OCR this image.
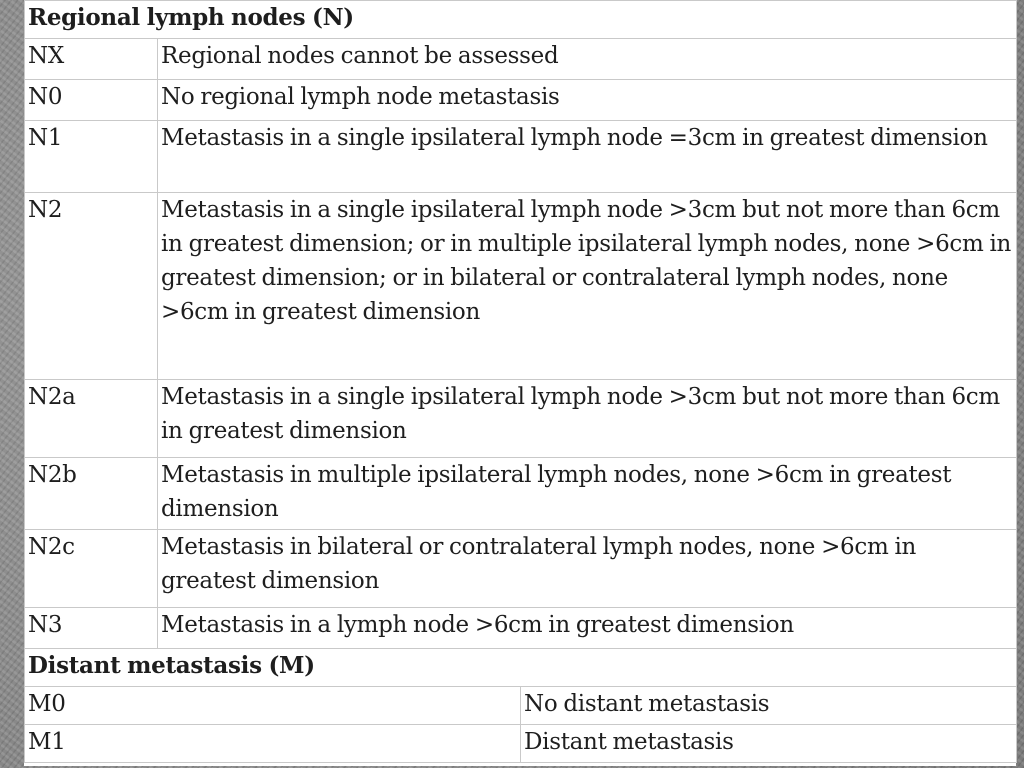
Regional lymph nodes (N)		
NX	Regional nodes cannot be assessed	
N0	No regional lymph node metastasis	
N1	Metastasis in a single ipsilateral lymph node =3cm in greatest dimension	
N2	Metastasis in a single ipsilateral lymph node >3cm but not more than 6cm in greatest dimension; or in multiple ipsilateral lymph nodes, none >6cm in greatest dimension; or in bilateral or contralateral lymph nodes, none >6cm in greatest dimension	
N2a	Metastasis in a single ipsilateral lymph node >3cm but not more than 6cm in greatest dimension	
N2b	Metastasis in multiple ipsilateral lymph nodes, none >6cm in greatest dimension	
N2c	Metastasis in bilateral or contralateral lymph nodes, none >6cm in greatest dimension	
N3	Metastasis in a lymph node >6cm in greatest dimension	
Distant metastasis (M)		
M0		No distant metastasis
M1		Distant metastasis
